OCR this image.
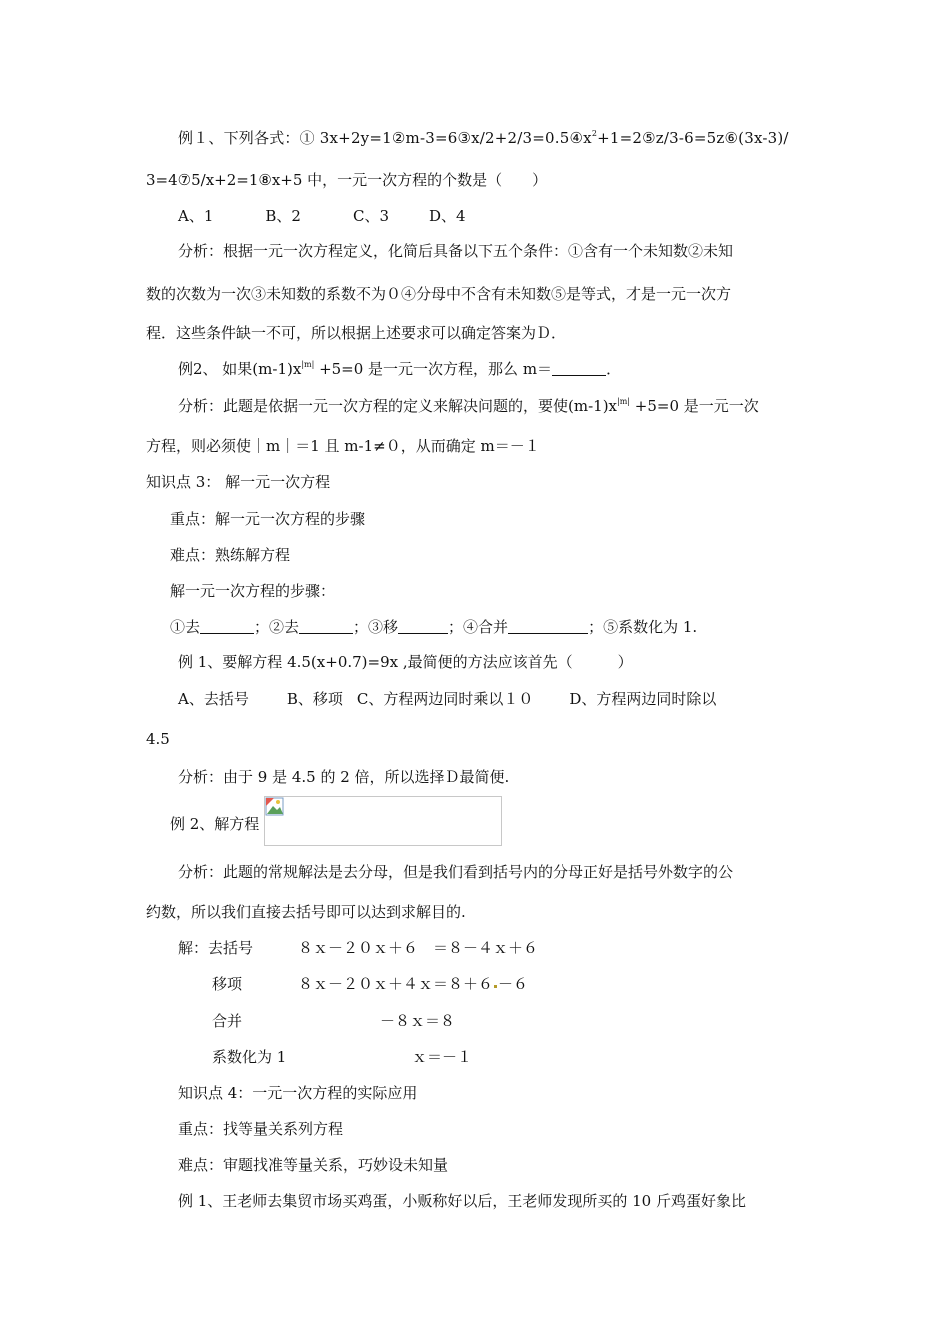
例１、下列各式：① $3x+2y=1②m-3=6③x/2+2/3=0.5④x^2+1=2⑤z/3-6=5z⑥(3x-3)/$
3=4⑦5/x+2=1⑧x+5 中，一元一次方程的个数是（　　）
A、1	B、2	C、3	D、4
分析：根据一元一次方程定义，化简后具备以下五个条件：①含有一个未知数②未知
数的次数为一次③未知数的系数不为０④分母中不含有未知数⑤是等式，才是一元一次方
程．这些条件缺一不可，所以根据上述要求可以确定答案为Ｄ．
例2、 如果$(m-1)x^{|m|} +5=0$ 是一元一次方程，那么 m＝	．
分析：此题是依据一元一次方程的定义来解决问题的，要使$(m-1)x^{|m|} +5=0$ 是一元一次
方程，则必须使｜m｜＝1 且 m-1≠０，从而确定 m＝－１
知识点 3： 解一元一次方程
重点：解一元一次方程的步骤
难点：熟练解方程
解一元一次方程的步骤：
①去	；②去	；③移	；④合并	；⑤系数化为 1.
例 1、要解方程 4.5(x+0.7)=9x ,最简便的方法应该首先（　　　）
A、去括号	B、移项 C、方程两边同时乘以１０ D、方程两边同时除以
4.5
分析：由于 9 是 4.5 的 2 倍，所以选择Ｄ最简便.
例 2、解方程
分析：此题的常规解法是去分母，但是我们看到括号内的分母正好是括号外数字的公
约数，所以我们直接去括号即可以达到求解目的.
解：去括号	８ｘ－２０ｘ＋６　＝８－４ｘ＋６
移项	８ｘ－２０ｘ＋４ｘ＝８＋６ －６
合并	－８ｘ＝８
系数化为 1	ｘ＝－１
知识点 4：一元一次方程的实际应用
重点：找等量关系列方程
难点：审题找准等量关系，巧妙设未知量
例 1、王老师去集贸市场买鸡蛋，小贩称好以后，王老师发现所买的 10 斤鸡蛋好象比
